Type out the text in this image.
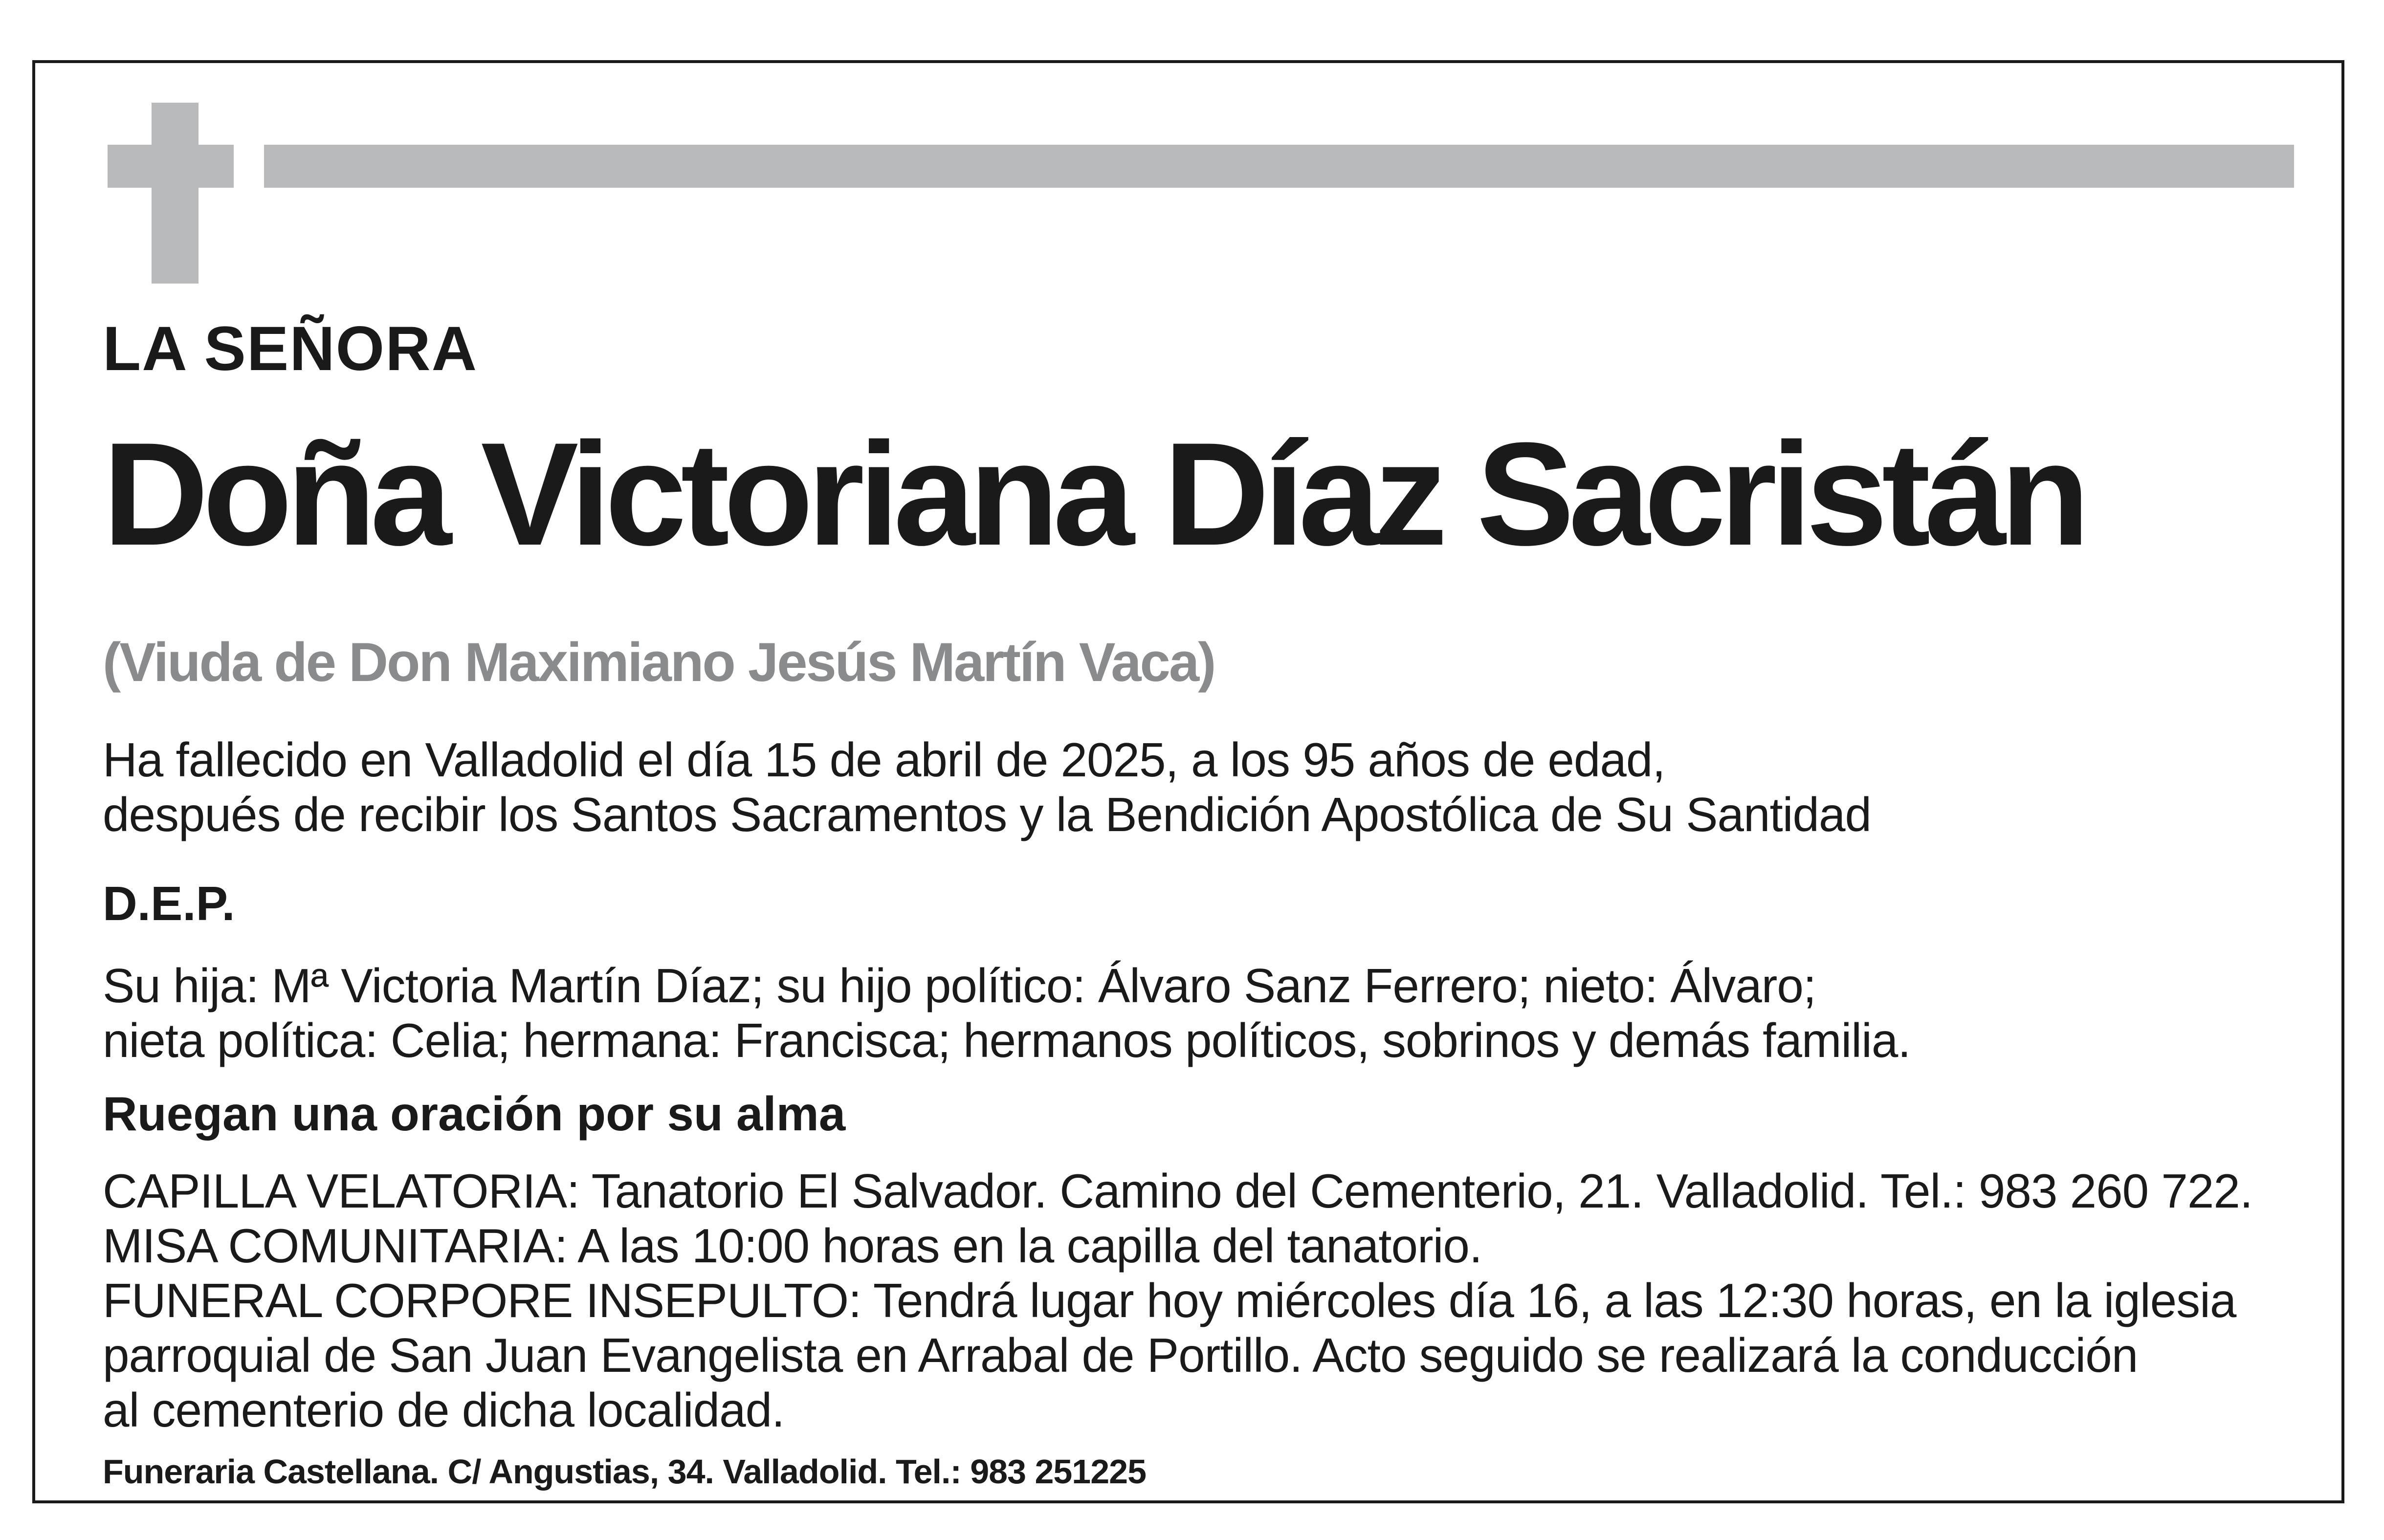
LA SEÑORA

Doña Victoriana Díaz Sacristán

(Viuda de Don Maximiano Jesús Martín Vaca)

Ha fallecido en Valladolid el día 15 de abril de 2025, a los 95 años de edad,
después de recibir los Santos Sacramentos y la Bendición Apostólica de Su Santidad

D.E.P.

Su hija: Mª Victoria Martín Díaz; su hijo político: Álvaro Sanz Ferrero; nieto: Álvaro;
nieta política: Celia; hermana: Francisca; hermanos políticos, sobrinos y demás familia.

Ruegan una oración por su alma

CAPILLA VELATORIA: Tanatorio El Salvador. Camino del Cementerio, 21. Valladolid. Tel.: 983 260 722.
MISA COMUNITARIA: A las 10:00 horas en la capilla del tanatorio.
FUNERAL CORPORE INSEPULTO: Tendrá lugar hoy miércoles día 16, a las 12:30 horas, en la iglesia
parroquial de San Juan Evangelista en Arrabal de Portillo. Acto seguido se realizará la conducción
al cementerio de dicha localidad.

Funeraria Castellana. C/ Angustias, 34. Valladolid. Tel.: 983 251225
